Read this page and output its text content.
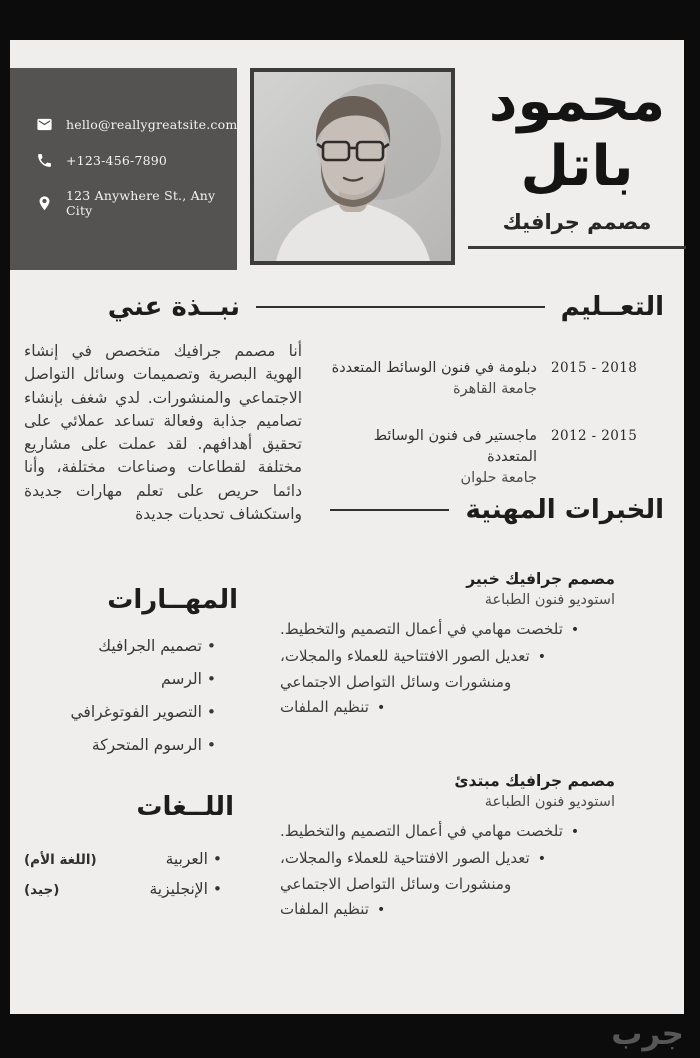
hello@reallygreatsite.com
+123-456-7890
123 Anywhere St., Any City
محمود
باتل
مصمم جرافيك
نبــذة عني
أنا مصمم جرافيك متخصص في إنشاء الهوية البصرية وتصميمات وسائل التواصل الاجتماعي والمنشورات. لدي شغف بإنشاء تصاميم جذابة وفعالة تساعد عملائي على تحقيق أهدافهم. لقد عملت على مشاريع مختلفة لقطاعات وصناعات مختلفة، وأنا دائما حريص على تعلم مهارات جديدة واستكشاف تحديات جديدة
التعــليم
دبلومة في فنون الوسائط المتعددة
جامعة القاهرة
2015 - 2018
ماجستير فى فنون الوسائط المتعددة
جامعة حلوان
2012 - 2015
الخبرات المهنية
مصمم جرافيك خبير
استوديو فنون الطباعة
•
تلخصت مهامي في أعمال التصميم والتخطيط.
•
تعديل الصور الافتتاحية للعملاء والمجلات،
ومنشورات وسائل التواصل الاجتماعي
•
تنظيم الملفات
مصمم جرافيك مبتدئ
استوديو فنون الطباعة
•
تلخصت مهامي في أعمال التصميم والتخطيط.
•
تعديل الصور الافتتاحية للعملاء والمجلات،
ومنشورات وسائل التواصل الاجتماعي
•
تنظيم الملفات
المهــارات
• تصميم الجرافيك
• الرسم
• التصوير الفوتوغرافي
• الرسوم المتحركة
اللــغات
(اللغة الأم)	• العربية
(جيد)	• الإنجليزية
جرب
